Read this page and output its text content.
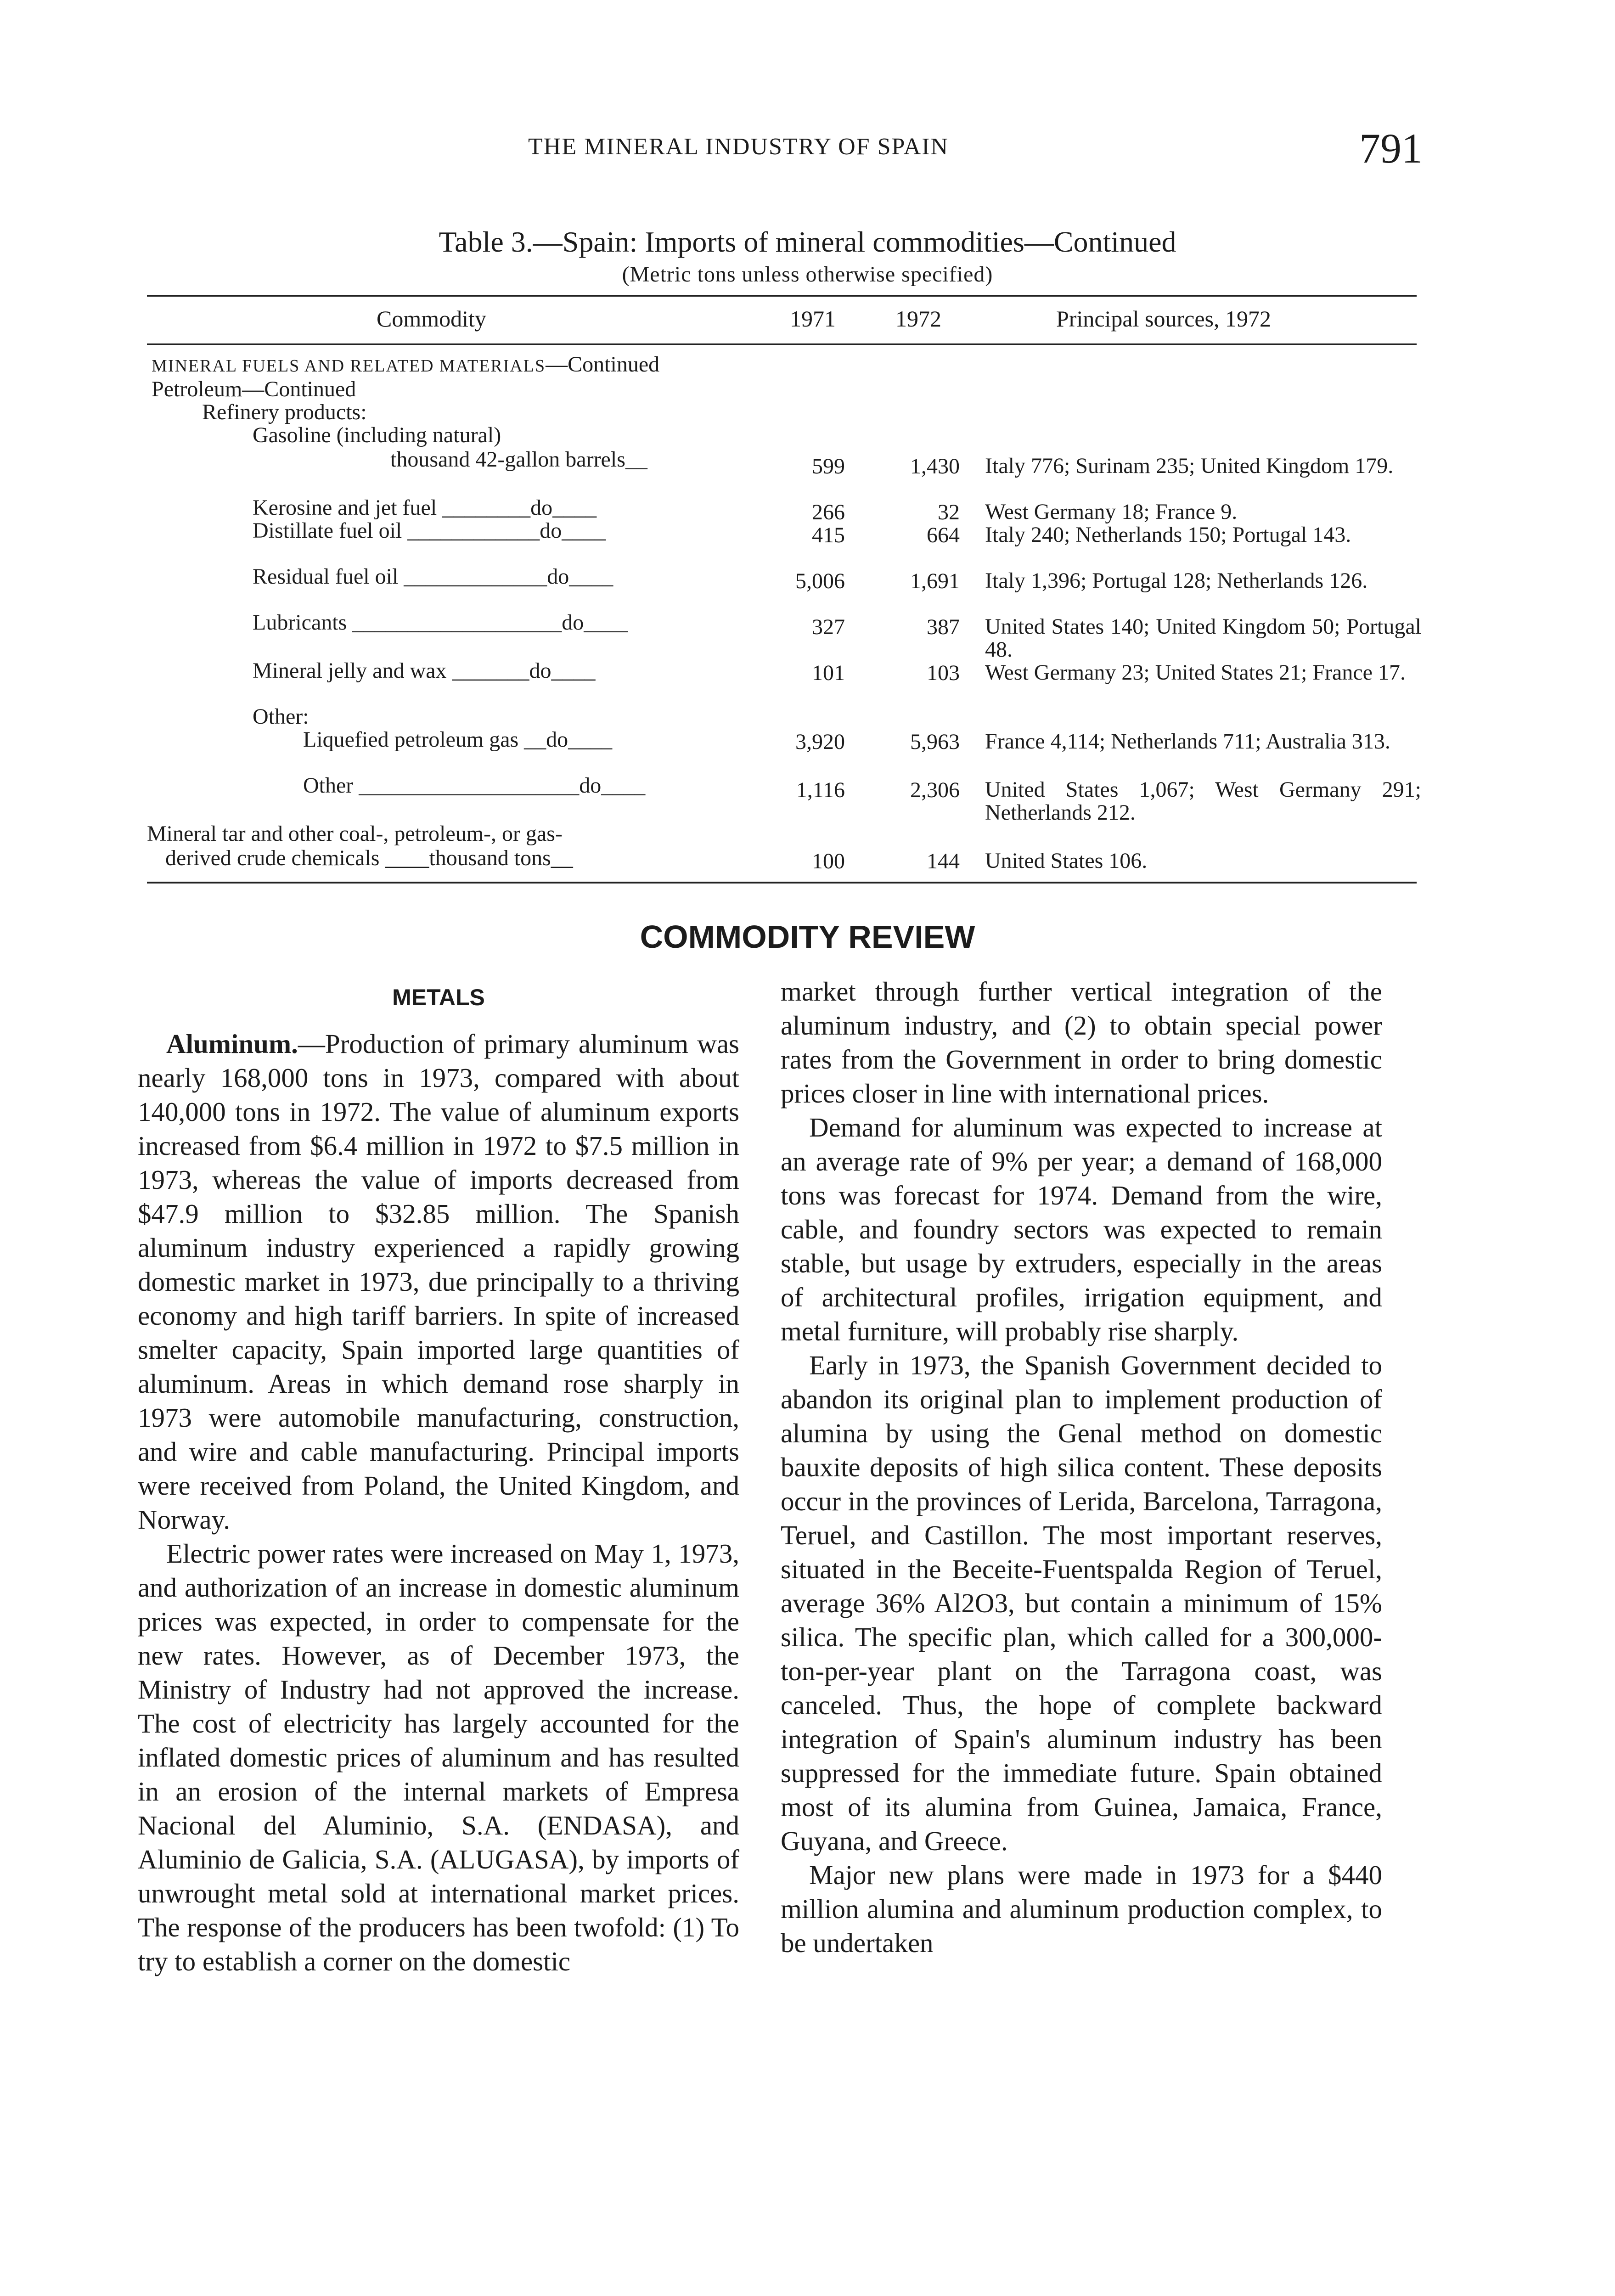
THE MINERAL INDUSTRY OF SPAIN	791
Table 3.—Spain: Imports of mineral commodities—Continued
(Metric tons unless otherwise specified)
Commodity	1971	1972	Principal sources, 1972
MINERAL FUELS AND RELATED MATERIALS—Continued
Petroleum—Continued
Refinery products:
Gasoline (including natural)
thousand 42-gallon barrels__	599	1,430 Italy 776; Surinam 235; United Kingdom 179.
Kerosine and jet fuel ________do____	266	32 West Germany 18; France 9.
Distillate fuel oil ____________do____	415	664 Italy 240; Netherlands 150; Portugal 143.
Residual fuel oil _____________do____	5,006	1,691 Italy 1,396; Portugal 128; Netherlands 126.
Lubricants ___________________do____	327	387 United States 140; United Kingdom 50; Portugal 48.
Mineral jelly and wax _______do____	101	103 West Germany 23; United States 21; France 17.
Other:
Liquefied petroleum gas __do____	3,920	5,963 France 4,114; Netherlands 711; Australia 313.
Other ____________________do____	1,116	2,306 United States 1,067; West Germany 291; Netherlands 212.
Mineral tar and other coal-, petroleum-, or gas-
derived crude chemicals ____thousand tons__	100	144 United States 106.
COMMODITY REVIEW
METALS

Aluminum.—Production of primary aluminum was nearly 168,000 tons in 1973, compared with about 140,000 tons in 1972. The value of aluminum exports increased from $6.4 million in 1972 to $7.5 million in 1973, whereas the value of imports decreased from $47.9 million to $32.85 million. The Spanish aluminum industry experienced a rapidly growing domestic market in 1973, due principally to a thriving economy and high tariff barriers. In spite of increased smelter capacity, Spain imported large quantities of aluminum. Areas in which demand rose sharply in 1973 were automobile manufacturing, construction, and wire and cable manufacturing. Principal imports were received from Poland, the United Kingdom, and Norway.

Electric power rates were increased on May 1, 1973, and authorization of an increase in domestic aluminum prices was expected, in order to compensate for the new rates. However, as of December 1973, the Ministry of Industry had not approved the increase. The cost of electricity has largely accounted for the inflated domestic prices of aluminum and has resulted in an erosion of the internal markets of Empresa Nacional del Aluminio, S.A. (ENDASA), and Aluminio de Galicia, S.A. (ALUGASA), by imports of unwrought metal sold at international market prices. The response of the producers has been twofold: (1) To try to establish a corner on the domestic

market through further vertical integration of the aluminum industry, and (2) to obtain special power rates from the Government in order to bring domestic prices closer in line with international prices.

Demand for aluminum was expected to increase at an average rate of 9% per year; a demand of 168,000 tons was forecast for 1974. Demand from the wire, cable, and foundry sectors was expected to remain stable, but usage by extruders, especially in the areas of architectural profiles, irrigation equipment, and metal furniture, will probably rise sharply.

Early in 1973, the Spanish Government decided to abandon its original plan to implement production of alumina by using the Genal method on domestic bauxite deposits of high silica content. These deposits occur in the provinces of Lerida, Barcelona, Tarragona, Teruel, and Castillon. The most important reserves, situated in the Beceite-Fuentspalda Region of Teruel, average 36% Al2O3, but contain a minimum of 15% silica. The specific plan, which called for a 300,000-ton-per-year plant on the Tarragona coast, was canceled. Thus, the hope of complete backward integration of Spain's aluminum industry has been suppressed for the immediate future. Spain obtained most of its alumina from Guinea, Jamaica, France, Guyana, and Greece.

Major new plans were made in 1973 for a $440 million alumina and aluminum production complex, to be undertaken
